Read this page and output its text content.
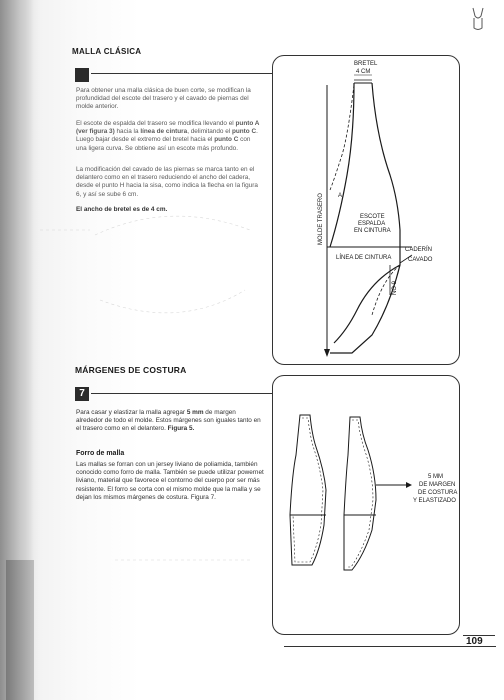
MALLA CLÁSICA
Para obtener una malla clásica de buen corte, se modifican la profundidad del escote del trasero y el cavado de piernas del molde anterior.
El escote de espalda del trasero se modifica llevando el punto A (ver figura 3) hacia la línea de cintura, delimitando el punto C. Luego bajar desde el extremo del bretel hacia el punto C con una ligera curva. Se obtiene así un escote más profundo.
La modificación del cavado de las piernas se marca tanto en el delantero como en el trasero reduciendo el ancho del cadera, desde el punto H hacia la sisa, como indica la flecha en la figura 6, y así se sube 6 cm.
El ancho de bretel es de 4 cm.
BRETEL
4 CM
A
ESCOTE
ESPALDA
EN CINTURA
LÍNEA DE CINTURA
CADERÍN
CAVADO
MOLDE TRASERO
NO 9
MÁRGENES DE COSTURA
7
Para casar y elastizar la malla agregar 5 mm de margen alrededor de todo el molde. Estos márgenes son iguales tanto en el trasero como en el delantero. Figura 5.
Forro de malla
Las mallas se forran con un jersey liviano de poliamida, también conocido como forro de malla. También se puede utilizar powernet liviano, material que favorece el contorno del cuerpo por ser más resistente. El forro se corta con el mismo molde que la malla y se dejan los mismos márgenes de costura. Figura 7.
5 MM
DE MARGEN
DE COSTURA
Y ELASTIZADO
109
